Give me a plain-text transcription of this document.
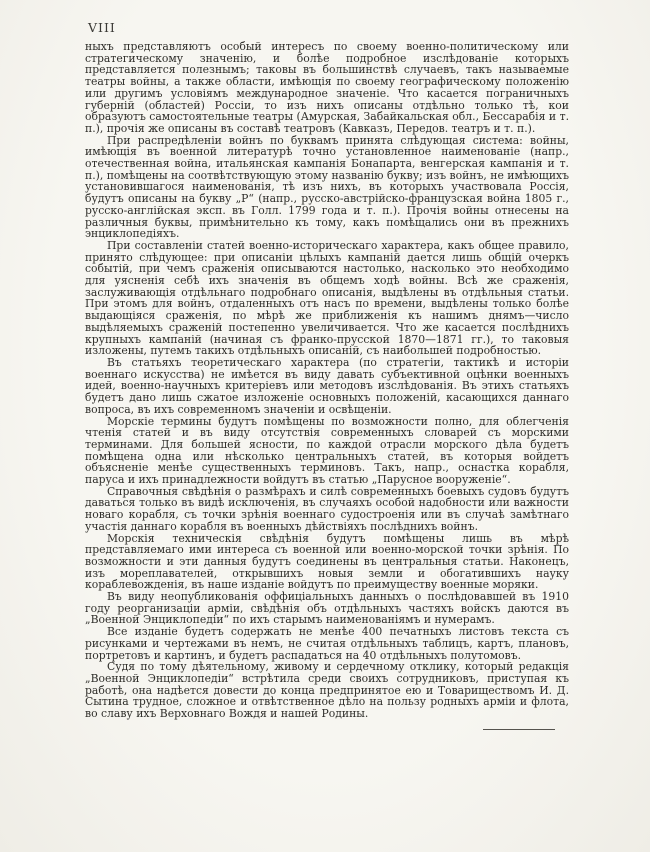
VIII

ныхъ представляютъ особый интересъ по своему военно-политическому или стратегическому значенію, и болѣе подробное изслѣдованіе которыхъ представляется полезнымъ; таковы въ большинствѣ случаевъ, такъ называемые театры войны, а также области, имѣющія по своему географическому положенію или другимъ условіямъ международное значеніе. Что касается пограничныхъ губерній (областей) Россіи, то изъ нихъ описаны отдѣльно только тѣ, кои образуютъ самостоятельные театры (Амурская, Забайкальская обл., Бессарабія и т. п.), прочія же описаны въ составѣ театровъ (Кавказъ, Передов. театръ и т. п.).

При распредѣленіи войнъ по буквамъ принята слѣдующая система: войны, имѣющія въ военной литературѣ точно установленное наименованіе (напр., отечественная война, итальянская кампанія Бонапарта, венгерская кампанія и т. п.), помѣщены на соотвѣтствующую этому названію букву; изъ войнъ, не имѣющихъ установившагося наименованія, тѣ изъ нихъ, въ которыхъ участвовала Россія, будутъ описаны на букву „Р“ (напр., русско-австрійско-французская война 1805 г., русско-англійская эксп. въ Голл. 1799 года и т. п.). Прочія войны отнесены на различныя буквы, примѣнительно къ тому, какъ помѣщались они въ прежнихъ энциклопедіяхъ.

При составленіи статей военно-историческаго характера, какъ общее правило, принято слѣдующее: при описаніи цѣлыхъ кампаній дается лишь общій очеркъ событій, при чемъ сраженія описываются настолько, насколько это необходимо для уясненія себѣ ихъ значенія въ общемъ ходѣ войны. Всѣ же сраженія, заслуживающія отдѣльнаго подробнаго описанія, выдѣлены въ отдѣльныя статьи. При этомъ для войнъ, отдаленныхъ отъ насъ по времени, выдѣлены только болѣе выдающіяся сраженія, по мѣрѣ же приближенія къ нашимъ днямъ—число выдѣляемыхъ сраженій постепенно увеличивается. Что же касается послѣднихъ крупныхъ кампаній (начиная съ франко-прусской 1870—1871 гг.), то таковыя изложены, путемъ такихъ отдѣльныхъ описаній, съ наибольшей подробностью.

Въ статьяхъ теоретическаго характера (по стратегіи, тактикѣ и исторіи военнаго искусства) не имѣется въ виду давать субъективной оцѣнки военныхъ идей, военно-научныхъ критеріевъ или методовъ изслѣдованія. Въ этихъ статьяхъ будетъ дано лишь сжатое изложеніе основныхъ положеній, касающихся даннаго вопроса, въ ихъ современномъ значеніи и освѣщеніи.

Морскіе термины будутъ помѣщены по возможности полно, для облегченія чтенія статей и въ виду отсутствія современныхъ словарей съ морскими терминами. Для большей ясности, по каждой отрасли морского дѣла будетъ помѣщена одна или нѣсколько центральныхъ статей, въ которыя войдетъ объясненіе менѣе существенныхъ терминовъ. Такъ, напр., оснастка корабля, паруса и ихъ принадлежности войдутъ въ статью „Парусное вооруженіе“.

Справочныя свѣдѣнія о размѣрахъ и силѣ современныхъ боевыхъ судовъ будутъ даваться только въ видѣ исключенія, въ случаяхъ особой надобности или важности новаго корабля, съ точки зрѣнія военнаго судостроенія или въ случаѣ замѣтнаго участія даннаго корабля въ военныхъ дѣйствіяхъ послѣднихъ войнъ.

Морскія техническія свѣдѣнія будутъ помѣщены лишь въ мѣрѣ представляемаго ими интереса съ военной или военно-морской точки зрѣнія. По возможности и эти данныя будутъ соединены въ центральныя статьи. Наконецъ, изъ мореплавателей, открывшихъ новыя земли и обогатившихъ науку кораблевожденія, въ наше изданіе войдутъ по преимуществу военные моряки.

Въ виду неопубликованія оффиціальныхъ данныхъ о послѣдовавшей въ 1910 году реорганизаціи арміи, свѣдѣнія объ отдѣльныхъ частяхъ войскъ даются въ „Военной Энциклопедіи“ по ихъ старымъ наименованіямъ и нумерамъ.

Все изданіе будетъ содержать не менѣе 400 печатныхъ листовъ текста съ рисунками и чертежами въ немъ, не считая отдѣльныхъ таблицъ, картъ, плановъ, портретовъ и картинъ, и будетъ распадаться на 40 отдѣльныхъ полутомовъ.

Судя по тому дѣятельному, живому и сердечному отклику, который редакція „Военной Энциклопедіи“ встрѣтила среди своихъ сотрудниковъ, приступая къ работѣ, она надѣется довести до конца предпринятое ею и Товариществомъ И. Д. Сытина трудное, сложное и отвѣтственное дѣло на пользу родныхъ арміи и флота, во славу ихъ Верховнаго Вождя и нашей Родины.
